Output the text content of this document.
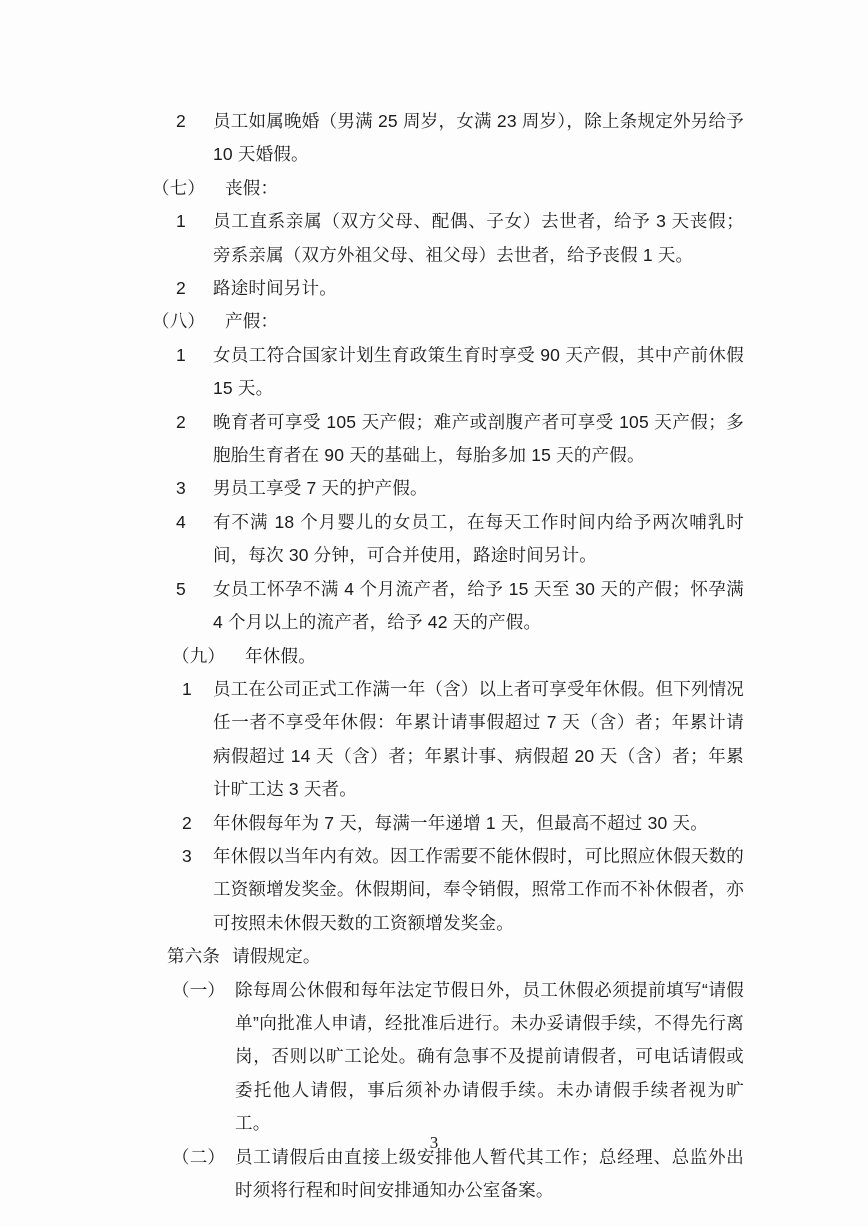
2 员工如属晚婚（男满 25 周岁，女满 23 周岁），除上条规定外另给予 10 天婚假。
（七） 丧假：
1 员工直系亲属（双方父母、配偶、子女）去世者，给予 3 天丧假；旁系亲属（双方外祖父母、祖父母）去世者，给予丧假 1 天。
2 路途时间另计。
（八） 产假：
1 女员工符合国家计划生育政策生育时享受 90 天产假，其中产前休假 15 天。
2 晚育者可享受 105 天产假；难产或剖腹产者可享受 105 天产假；多胞胎生育者在 90 天的基础上，每胎多加 15 天的产假。
3 男员工享受 7 天的护产假。
4 有不满 18 个月婴儿的女员工，在每天工作时间内给予两次哺乳时间，每次 30 分钟，可合并使用，路途时间另计。
5 女员工怀孕不满 4 个月流产者，给予 15 天至 30 天的产假；怀孕满 4 个月以上的流产者，给予 42 天的产假。
（九） 年休假。
1 员工在公司正式工作满一年（含）以上者可享受年休假。但下列情况任一者不享受年休假：年累计请事假超过 7 天（含）者；年累计请病假超过 14 天（含）者；年累计事、病假超 20 天（含）者；年累计旷工达 3 天者。
2 年休假每年为 7 天，每满一年递增 1 天，但最高不超过 30 天。
3 年休假以当年内有效。因工作需要不能休假时，可比照应休假天数的工资额增发奖金。休假期间，奉令销假，照常工作而不补休假者，亦可按照未休假天数的工资额增发奖金。
第六条 请假规定。
（一） 除每周公休假和每年法定节假日外，员工休假必须提前填写“请假单”向批准人申请，经批准后进行。未办妥请假手续，不得先行离岗，否则以旷工论处。确有急事不及提前请假者，可电话请假或委托他人请假，事后须补办请假手续。未办请假手续者视为旷工。
（二） 员工请假后由直接上级安排他人暂代其工作；总经理、总监外出时须将行程和时间安排通知办公室备案。
3
